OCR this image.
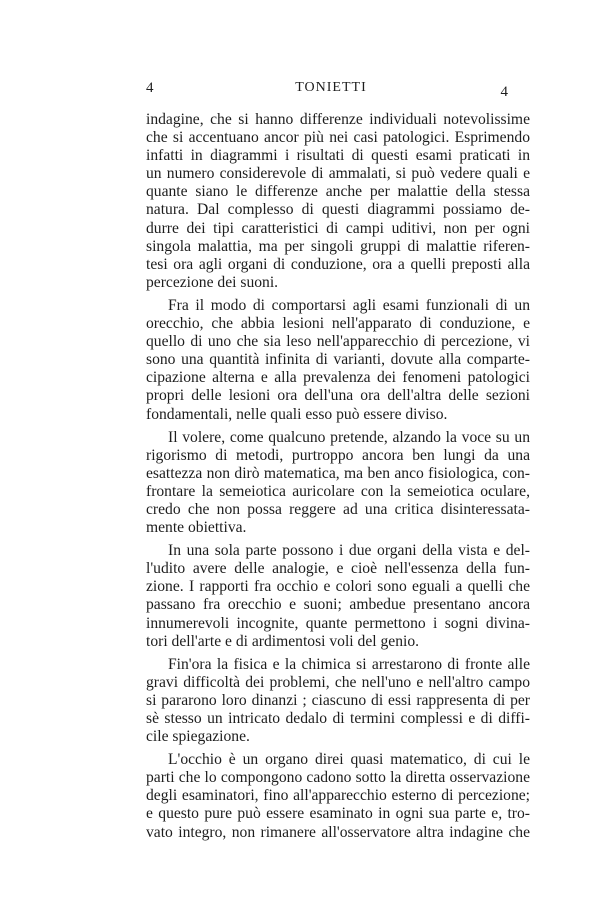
4	TONIETTI	4

indagine, che si hanno differenze individuali notevolissime
che si accentuano ancor più nei casi patologici. Esprimendo
infatti in diagrammi i risultati di questi esami praticati in
un numero considerevole di ammalati, si può vedere quali e
quante siano le differenze anche per malattie della stessa
natura. Dal complesso di questi diagrammi possiamo de-
durre dei tipi caratteristici di campi uditivi, non per ogni
singola malattia, ma per singoli gruppi di malattie riferen-
tesi ora agli organi di conduzione, ora a quelli preposti alla
percezione dei suoni.

Fra il modo di comportarsi agli esami funzionali di un
orecchio, che abbia lesioni nell'apparato di conduzione, e
quello di uno che sia leso nell'apparecchio di percezione, vi
sono una quantità infinita di varianti, dovute alla comparte-
cipazione alterna e alla prevalenza dei fenomeni patologici
propri delle lesioni ora dell'una ora dell'altra delle sezioni
fondamentali, nelle quali esso può essere diviso.

Il volere, come qualcuno pretende, alzando la voce su un
rigorismo di metodi, purtroppo ancora ben lungi da una
esattezza non dirò matematica, ma ben anco fisiologica, con-
frontare la semeiotica auricolare con la semeiotica oculare,
credo che non possa reggere ad una critica disinteressata-
mente obiettiva.

In una sola parte possono i due organi della vista e del-
l'udito avere delle analogie, e cioè nell'essenza della fun-
zione. I rapporti fra occhio e colori sono eguali a quelli che
passano fra orecchio e suoni; ambedue presentano ancora
innumerevoli incognite, quante permettono i sogni divina-
tori dell'arte e di ardimentosi voli del genio.

Fin'ora la fisica e la chimica si arrestarono di fronte alle
gravi difficoltà dei problemi, che nell'uno e nell'altro campo
si pararono loro dinanzi ; ciascuno di essi rappresenta di per
sè stesso un intricato dedalo di termini complessi e di diffi-
cile spiegazione.

L'occhio è un organo direi quasi matematico, di cui le
parti che lo compongono cadono sotto la diretta osservazione
degli esaminatori, fino all'apparecchio esterno di percezione;
e questo pure può essere esaminato in ogni sua parte e, tro-
vato integro, non rimanere all'osservatore altra indagine che
